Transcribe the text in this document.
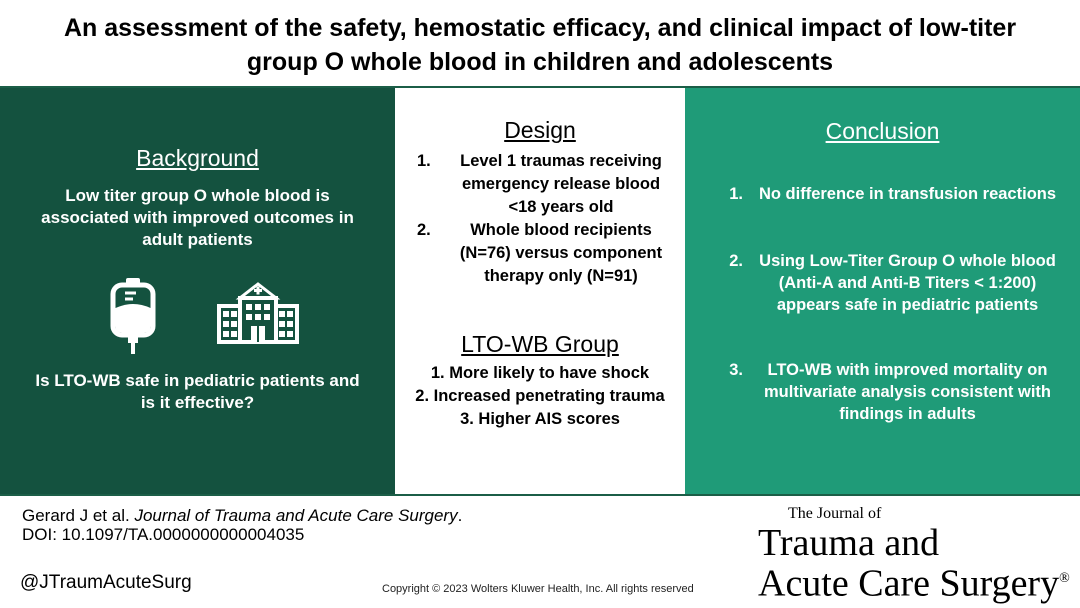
An assessment of the safety, hemostatic efficacy, and clinical impact of low-titer group O whole blood in children and adolescents
Background
Low titer group O whole blood is associated with improved outcomes in adult patients
Is LTO-WB safe in pediatric patients and is it effective?
Design
1.	Level 1 traumas receiving emergency release blood <18 years old
2.	Whole blood recipients (N=76) versus component therapy only (N=91)
LTO-WB Group
1. More likely to have shock
2. Increased penetrating trauma
3. Higher AIS scores
Conclusion
1. No difference in transfusion reactions
2. Using Low-Titer Group O whole blood (Anti-A and Anti-B Titers < 1:200) appears safe in pediatric patients
3.	LTO-WB with improved mortality on multivariate analysis consistent with findings in adults
Gerard J et al. Journal of Trauma and Acute Care Surgery.
DOI: 10.1097/TA.0000000000004035
@JTraumAcuteSurg	Copyright © 2023 Wolters Kluwer Health, Inc. All rights reserved
The Journal of
Trauma and
Acute Care Surgery®
